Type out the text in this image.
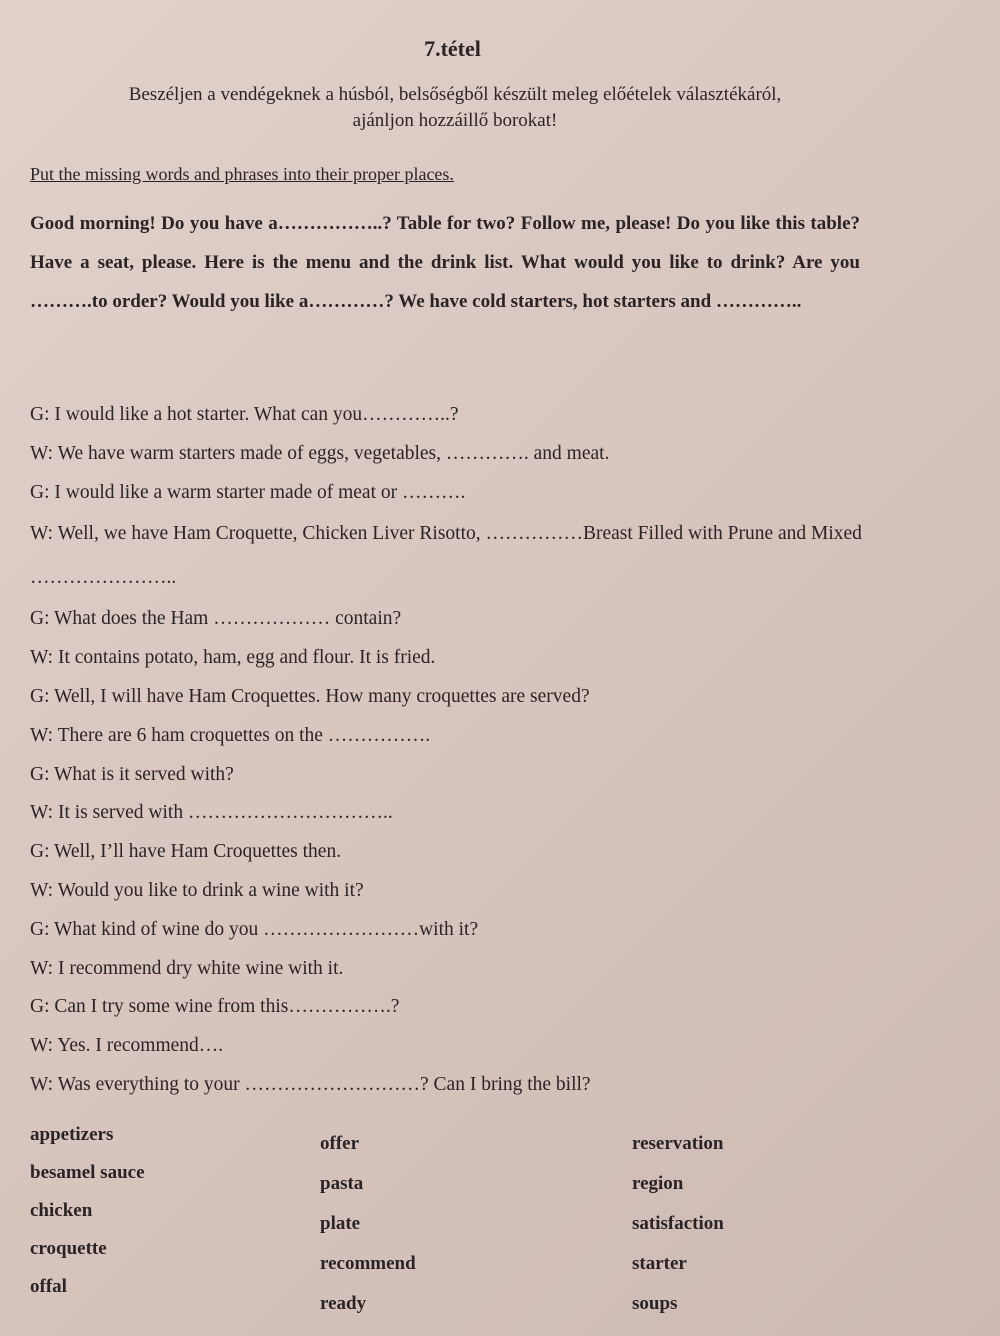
7.tétel
Beszéljen a vendégeknek a húsból, belsőségből készült meleg előételek választékáról,
ajánljon hozzáillő borokat!
Put the missing words and phrases into their proper places.
Good morning! Do you have a……………..? Table for two? Follow me, please! Do you like this table? Have a seat, please. Here is the menu and the drink list. What would you like to drink? Are you ……….to order? Would you like a…………? We have cold starters, hot starters and …………..
G: I would like a hot starter. What can you…………..?
W: We have warm starters made of eggs, vegetables, …………. and meat.
G: I would like a warm starter made of meat or ……….
W: Well, we have Ham Croquette, Chicken Liver Risotto, ……………Breast Filled with Prune and Mixed …………………..
G: What does the Ham ……………… contain?
W: It contains potato, ham, egg and flour. It is fried.
G: Well, I will have Ham Croquettes. How many croquettes are served?
W: There are 6 ham croquettes on the …………….
G: What is it served with?
W: It is served with …………………………..
G: Well, I’ll have Ham Croquettes then.
W: Would you like to drink a wine with it?
G: What kind of wine do you ……………………with it?
W: I recommend dry white wine with it.
G: Can I try some wine from this…………….?
W: Yes. I recommend….
W: Was everything to your ………………………? Can I bring the bill?
appetizers
besamel sauce
chicken
croquette
offal
offer
pasta
plate
recommend
ready
reservation
region
satisfaction
starter
soups
